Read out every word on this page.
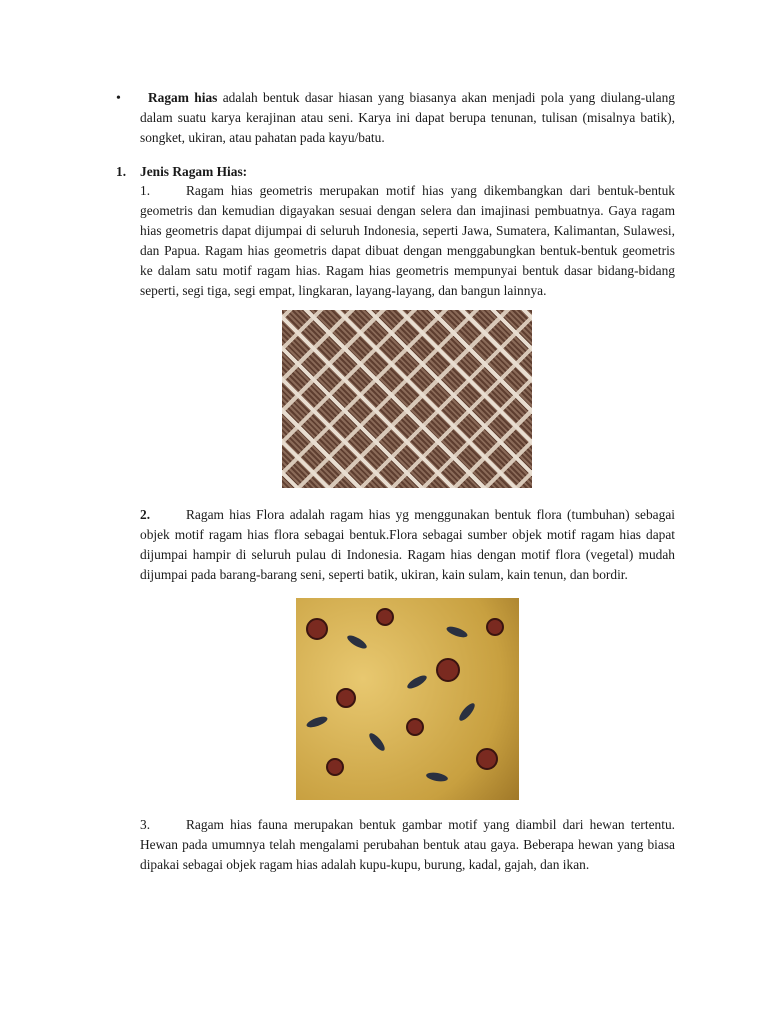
•	Ragam hias adalah bentuk dasar hiasan yang biasanya akan menjadi pola yang diulang-ulang dalam suatu karya kerajinan atau seni. Karya ini dapat berupa tenunan, tulisan (misalnya batik), songket, ukiran, atau pahatan pada kayu/batu.
1. Jenis Ragam Hias:
1.	Ragam hias geometris merupakan motif hias yang dikembangkan dari bentuk-bentuk geometris dan kemudian digayakan sesuai dengan selera dan imajinasi pembuatnya. Gaya ragam hias geometris dapat dijumpai di seluruh Indonesia, seperti Jawa, Sumatera, Kalimantan, Sulawesi, dan Papua. Ragam hias geometris dapat dibuat dengan menggabungkan bentuk-bentuk geometris ke dalam satu motif ragam hias. Ragam hias geometris mempunyai bentuk dasar bidang-bidang seperti, segi tiga, segi empat, lingkaran, layang-layang, dan bangun lainnya.
2.	Ragam hias Flora adalah ragam hias yg menggunakan bentuk flora (tumbuhan) sebagai objek motif ragam hias flora sebagai bentuk.Flora sebagai sumber objek motif ragam hias dapat dijumpai hampir di seluruh pulau di Indonesia. Ragam hias dengan motif flora (vegetal) mudah dijumpai pada barang-barang seni, seperti batik, ukiran, kain sulam, kain tenun, dan bordir.
3.	Ragam hias fauna merupakan bentuk gambar motif yang diambil dari hewan tertentu. Hewan pada umumnya telah mengalami perubahan bentuk atau gaya. Beberapa hewan yang biasa dipakai sebagai objek ragam hias adalah kupu-kupu, burung, kadal, gajah, dan ikan.
